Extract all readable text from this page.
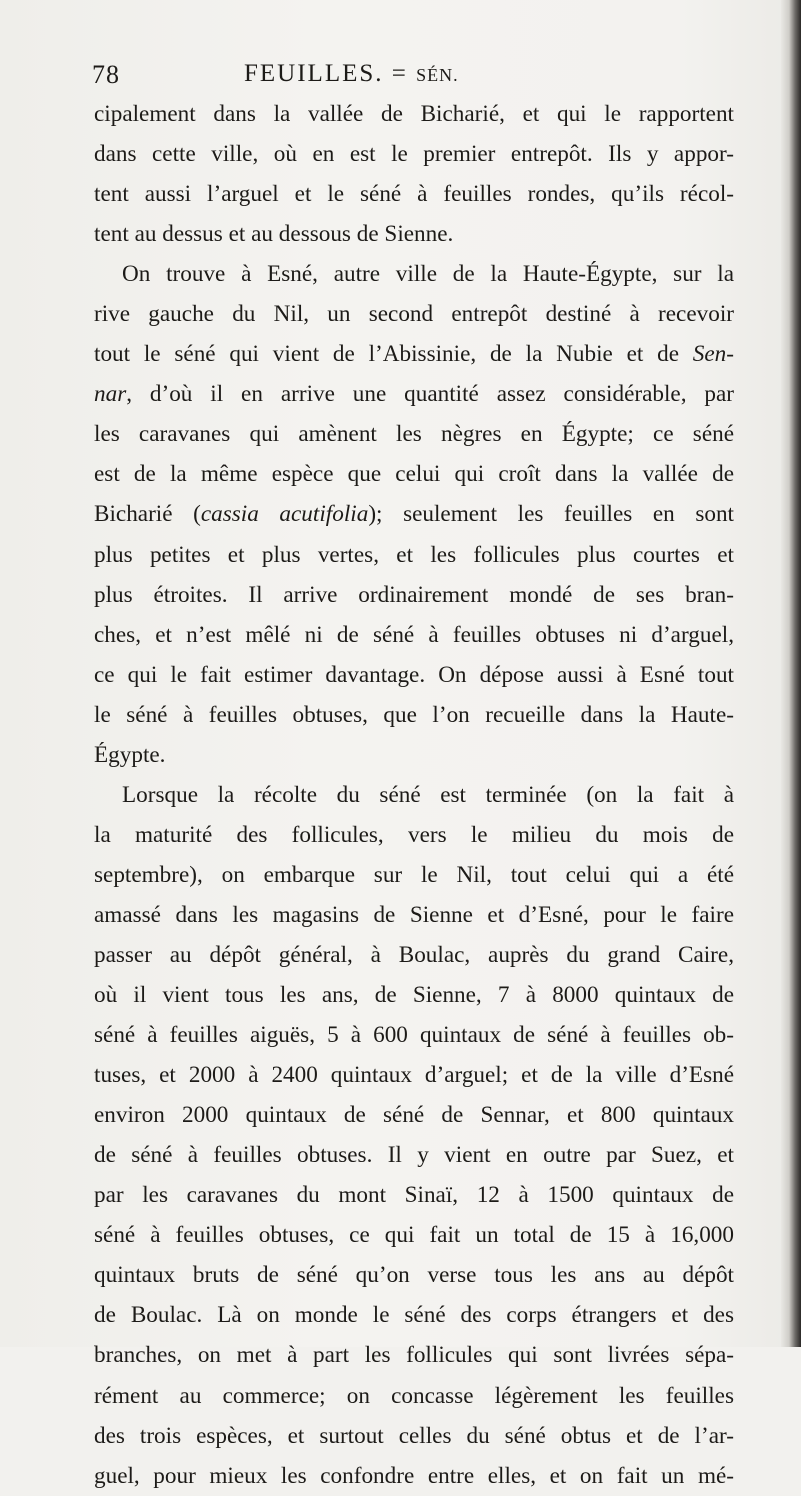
78	FEUILLES. = SÉN.
cipalement dans la vallée de Bicharié, et qui le rapportent
dans cette ville, où en est le premier entrepôt. Ils y appor-
tent aussi l’arguel et le séné à feuilles rondes, qu’ils récol-
tent au dessus et au dessous de Sienne.
On trouve à Esné, autre ville de la Haute-Égypte, sur la
rive gauche du Nil, un second entrepôt destiné à recevoir
tout le séné qui vient de l’Abissinie, de la Nubie et de Sen-
nar, d’où il en arrive une quantité assez considérable, par
les caravanes qui amènent les nègres en Égypte; ce séné
est de la même espèce que celui qui croît dans la vallée de
Bicharié (cassia acutifolia); seulement les feuilles en sont
plus petites et plus vertes, et les follicules plus courtes et
plus étroites. Il arrive ordinairement mondé de ses bran-
ches, et n’est mêlé ni de séné à feuilles obtuses ni d’arguel,
ce qui le fait estimer davantage. On dépose aussi à Esné tout
le séné à feuilles obtuses, que l’on recueille dans la Haute-
Égypte.
Lorsque la récolte du séné est terminée (on la fait à
la maturité des follicules, vers le milieu du mois de
septembre), on embarque sur le Nil, tout celui qui a été
amassé dans les magasins de Sienne et d’Esné, pour le faire
passer au dépôt général, à Boulac, auprès du grand Caire,
où il vient tous les ans, de Sienne, 7 à 8000 quintaux de
séné à feuilles aiguës, 5 à 600 quintaux de séné à feuilles ob-
tuses, et 2000 à 2400 quintaux d’arguel; et de la ville d’Esné
environ 2000 quintaux de séné de Sennar, et 800 quintaux
de séné à feuilles obtuses. Il y vient en outre par Suez, et
par les caravanes du mont Sinaï, 12 à 1500 quintaux de
séné à feuilles obtuses, ce qui fait un total de 15 à 16,000
quintaux bruts de séné qu’on verse tous les ans au dépôt
de Boulac. Là on monde le séné des corps étrangers et des
branches, on met à part les follicules qui sont livrées sépa-
rément au commerce; on concasse légèrement les feuilles
des trois espèces, et surtout celles du séné obtus et de l’ar-
guel, pour mieux les confondre entre elles, et on fait un mé-
